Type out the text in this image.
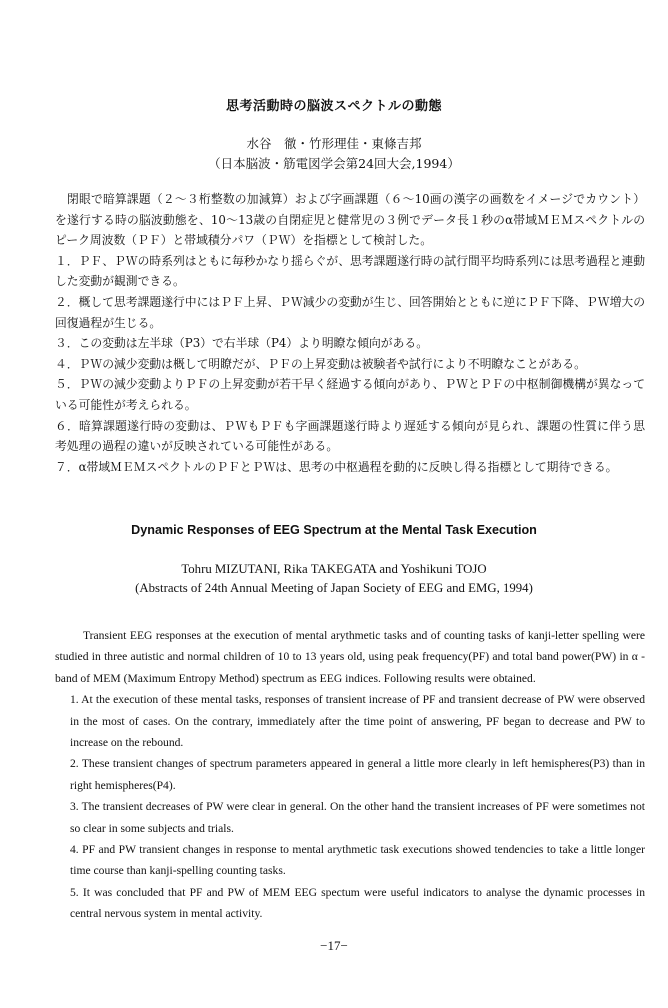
思考活動時の脳波スペクトルの動態
水谷　徹・竹形理佳・東條吉邦
（日本脳波・筋電図学会第24回大会,1994）

閉眼で暗算課題（２～３桁整数の加減算）および字画課題（６～10画の漢字の画数をイメージでカウント）を遂行する時の脳波動態を、10～13歳の自閉症児と健常児の３例でデータ長１秒のα帯域ＭＥＭスペクトルのピーク周波数（ＰＦ）と帯域積分パワ（ＰＷ）を指標として検討した。

１．ＰＦ、ＰＷの時系列はともに毎秒かなり揺らぐが、思考課題遂行時の試行間平均時系列には思考過程と連動した変動が観測できる。

２．概して思考課題遂行中にはＰＦ上昇、ＰＷ減少の変動が生じ、回答開始とともに逆にＰＦ下降、ＰＷ増大の回復過程が生じる。

３．この変動は左半球（P3）で右半球（P4）より明瞭な傾向がある。

４．ＰＷの減少変動は概して明瞭だが、ＰＦの上昇変動は被験者や試行により不明瞭なことがある。

５．ＰＷの減少変動よりＰＦの上昇変動が若干早く経過する傾向があり、ＰＷとＰＦの中枢制御機構が異なっている可能性が考えられる。

６．暗算課題遂行時の変動は、ＰＷもＰＦも字画課題遂行時より遅延する傾向が見られ、課題の性質に伴う思考処理の過程の違いが反映されている可能性がある。

７．α帯域ＭＥＭスペクトルのＰＦとＰＷは、思考の中枢過程を動的に反映し得る指標として期待できる。

Dynamic Responses of EEG Spectrum at the Mental Task Execution
Tohru MIZUTANI, Rika TAKEGATA and Yoshikuni TOJO
(Abstracts of 24th Annual Meeting of Japan Society of EEG and EMG, 1994)

Transient EEG responses at the execution of mental arythmetic tasks and of counting tasks of kanji-letter spelling were studied in three autistic and normal children of 10 to 13 years old, using peak frequency(PF) and total band power(PW) in α -band of MEM (Maximum Entropy Method) spectrum as EEG indices. Following results were obtained.

1. At the execution of these mental tasks, responses of transient increase of PF and transient decrease of PW were observed in the most of cases. On the contrary, immediately after the time point of answering, PF began to decrease and PW to increase on the rebound.

2. These transient changes of spectrum parameters appeared in general a little more clearly in left hemispheres(P3) than in right hemispheres(P4).

3. The transient decreases of PW were clear in general. On the other hand the transient increases of PF were sometimes not so clear in some subjects and trials.

4. PF and PW transient changes in response to mental arythmetic task executions showed tendencies to take a little longer time course than kanji-spelling counting tasks.

5. It was concluded that PF and PW of MEM EEG spectum were useful indicators to analyse the dynamic processes in central nervous system in mental activity.

−17−
